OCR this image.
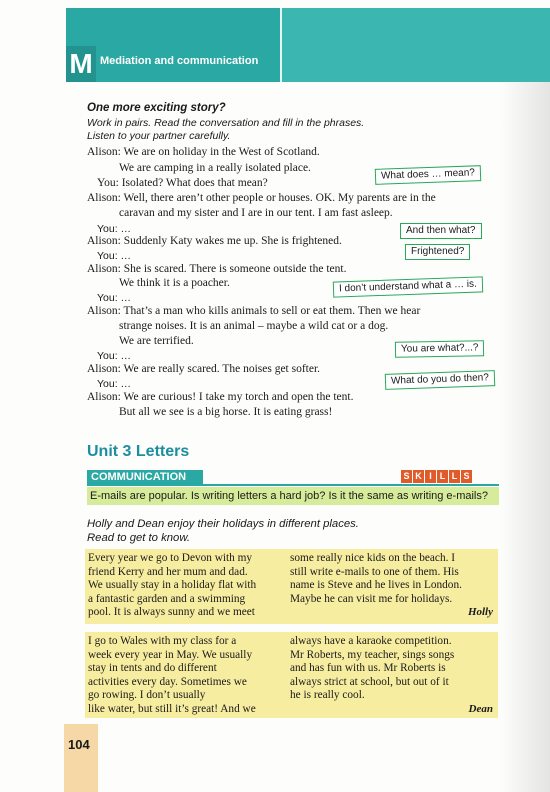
M Mediation and communication
One more exciting story?
Work in pairs. Read the conversation and fill in the phrases.
Listen to your partner carefully.
Alison: We are on holiday in the West of Scotland.
We are camping in a really isolated place.
You: Isolated? What does that mean?
Alison: Well, there aren’t other people or houses. OK. My parents are in the
caravan and my sister and I are in our tent. I am fast asleep.
You: …
Alison: Suddenly Katy wakes me up. She is frightened.
You: …
Alison: She is scared. There is someone outside the tent.
We think it is a poacher.
You: …
Alison: That’s a man who kills animals to sell or eat them. Then we hear
strange noises. It is an animal – maybe a wild cat or a dog.
We are terrified.
You: …
Alison: We are really scared. The noises get softer.
You: …
Alison: We are curious! I take my torch and open the tent.
But all we see is a big horse. It is eating grass!
What does … mean?
And then what?
Frightened?
I don’t understand what a … is.
You are what?...?
What do you do then?
Unit 3 Letters
COMMUNICATION	S K I L L S
E-mails are popular. Is writing letters a hard job? Is it the same as writing e-mails?
Holly and Dean enjoy their holidays in different places.
Read to get to know.
Every year we go to Devon with my
friend Kerry and her mum and dad.
We usually stay in a holiday flat with
a fantastic garden and a swimming
pool. It is always sunny and we meet
some really nice kids on the beach. I
still write e-mails to one of them. His
name is Steve and he lives in London.
Maybe he can visit me for holidays.
Holly
I go to Wales with my class for a
week every year in May. We usually
stay in tents and do different
activities every day. Sometimes we
go rowing. I don’t usually
like water, but still it’s great! And we
always have a karaoke competition.
Mr Roberts, my teacher, sings songs
and has fun with us. Mr Roberts is
always strict at school, but out of it
he is really cool.
Dean
104
